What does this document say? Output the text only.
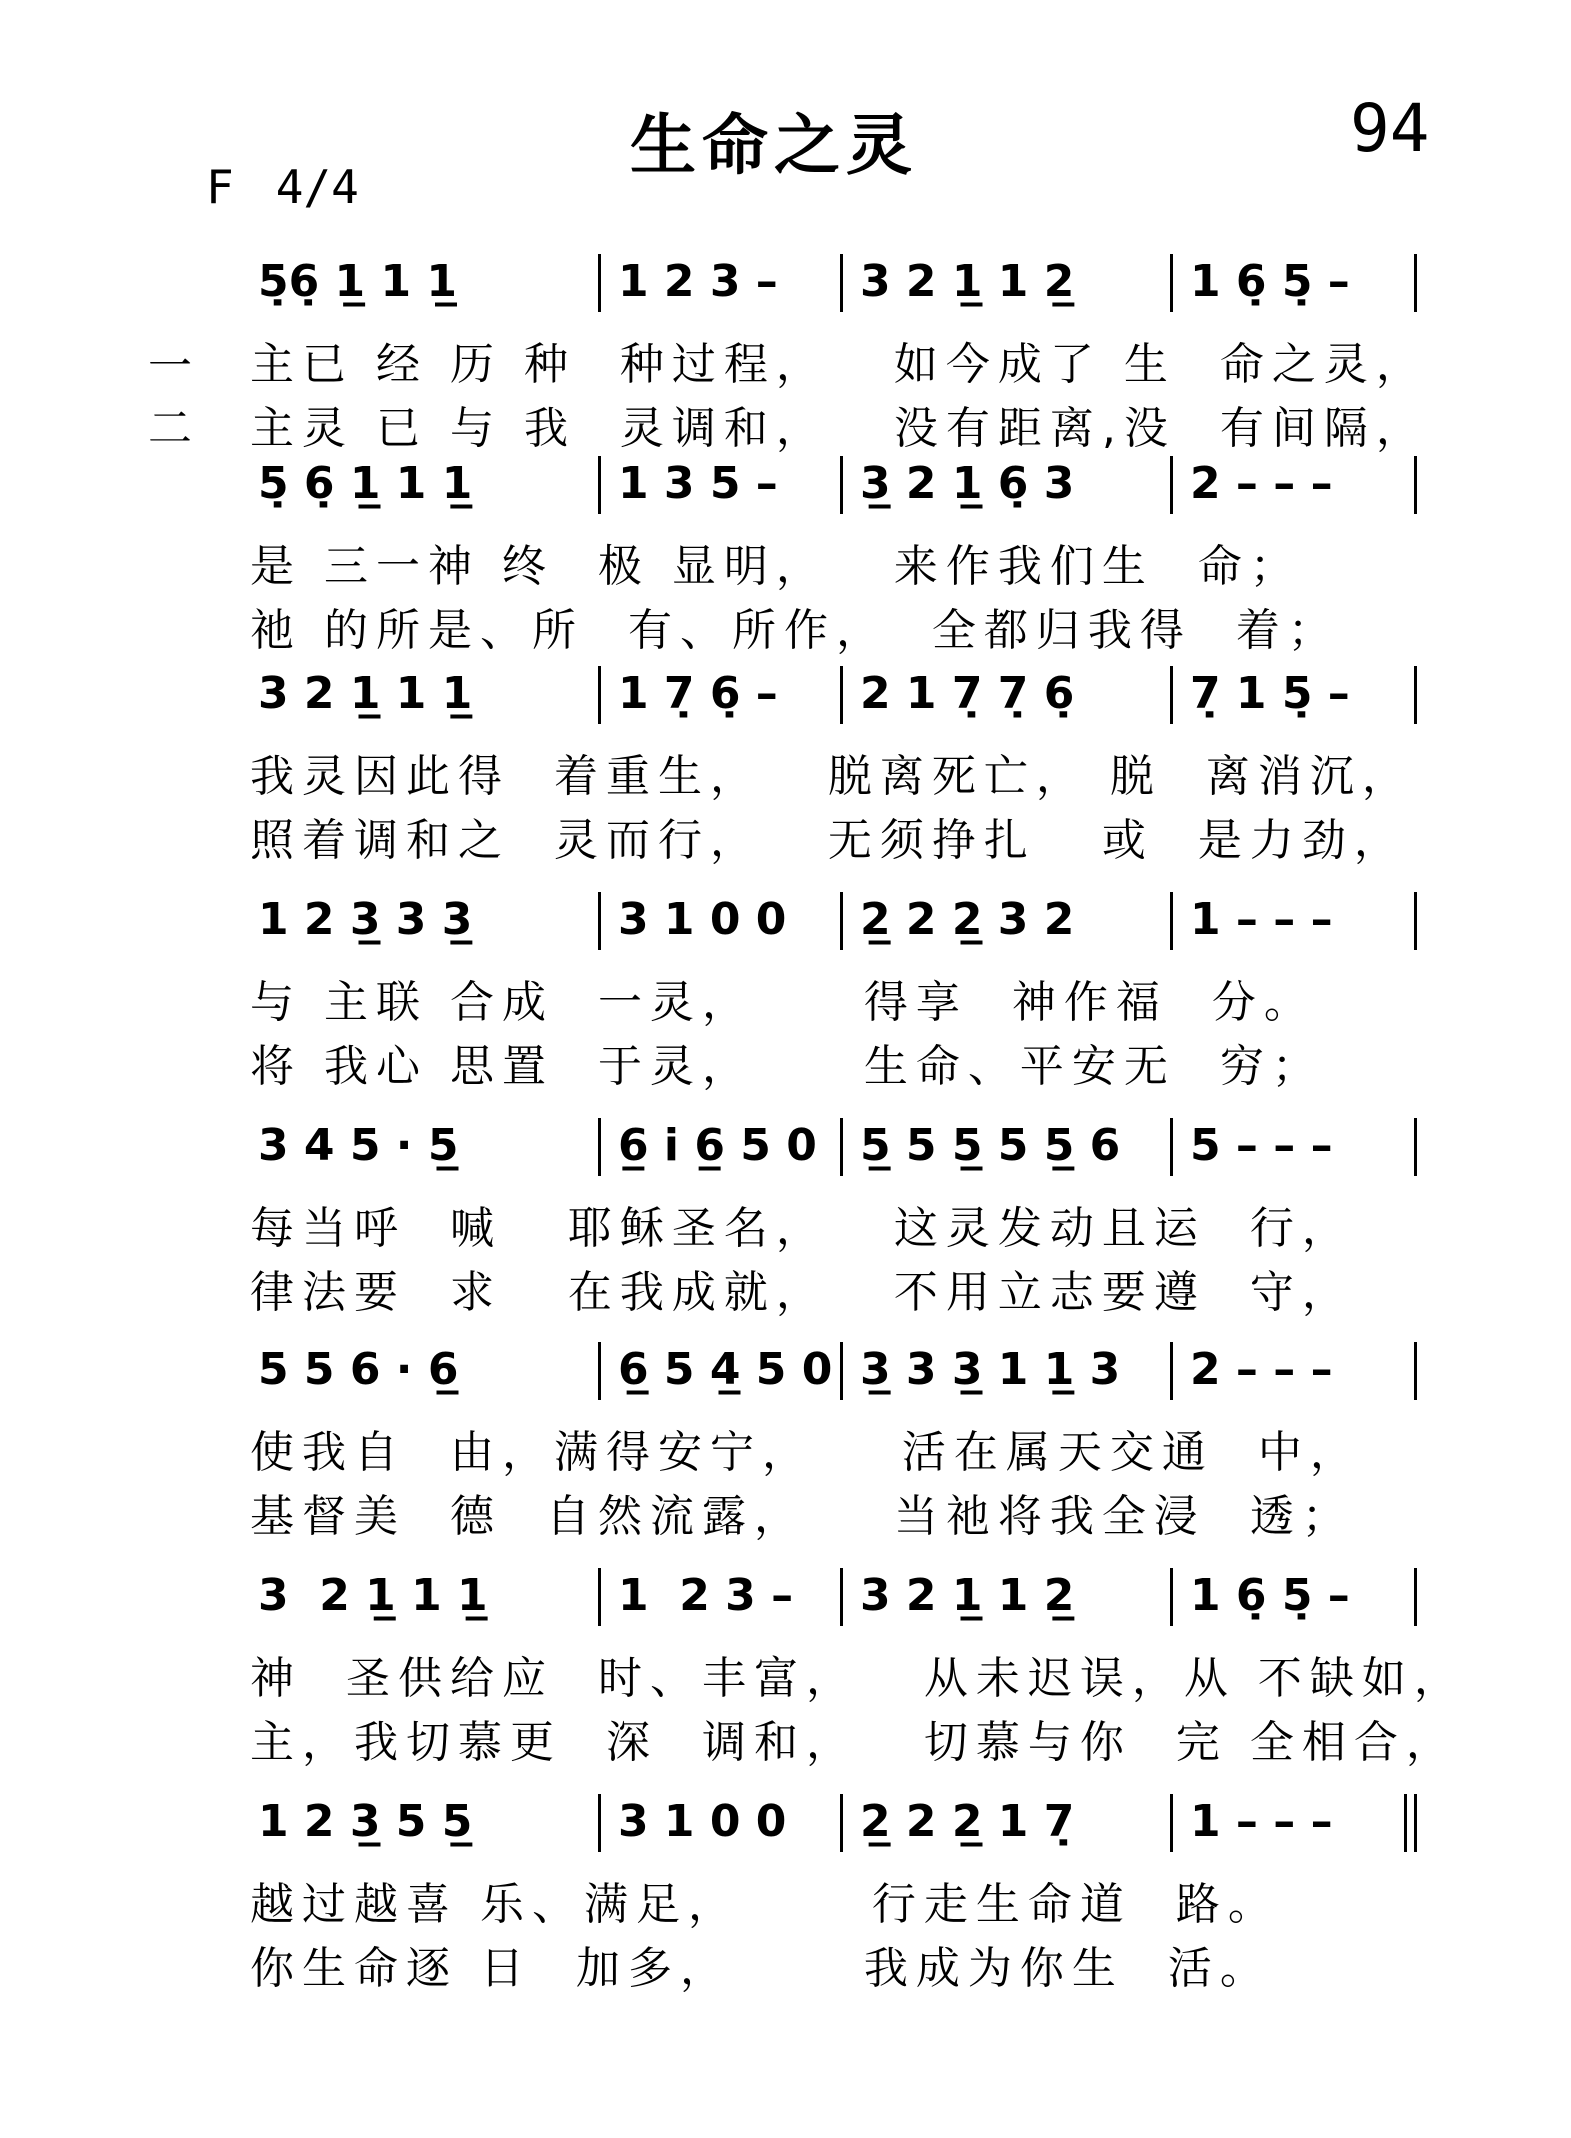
生命之灵	94
F 4/4
一
二
5̣6̣ 1̲ 1 1̲	1 2 3 – 3 2 1̲ 1 2̲	1 6̣ 5̣ –
主已 经 历 种  种过程，   如今成了 生  命之灵，
主灵 已 与 我  灵调和，   没有距离,没  有间隔，
5̣ 6̣ 1̲ 1 1̲	1 3 5 – 3̲ 2 1̲ 6̣ 3	2 – – –
是 三一神 终  极 显明，   来作我们生  命；
祂 的所是、所  有、所作，  全都归我得  着；
3 2 1̲ 1 1̲	1 7̣ 6̣ – 2 1 7̣ 7̣ 6̣	7̣ 1 5̣ –
我灵因此得  着重生，   脱离死亡， 脱  离消沉，
照着调和之  灵而行，   无须挣扎   或  是力劲，
1 2 3̲ 3 3̲	3 1 0 0 2̲ 2 2̲ 3 2	1 – – –
与 主联 合成  一灵，     得享  神作福  分。
将 我心 思置  于灵，     生命、平安无  穷；
3 4 5 · 5̲	6̲ i 6̲ 5 0 5̲ 5 5̲ 5 5̲ 6 5 – – –
每当呼  喊   耶稣圣名，   这灵发动且运  行，
律法要  求   在我成就，   不用立志要遵  守，
5 5 6 · 6̲	6̲ 5 4̲ 5 0 3̲ 3 3̲ 1 1̲ 3 2 – – –
使我自  由，满得安宁，    活在属天交通  中，
基督美  德  自然流露，    当祂将我全浸  透；
3  2 1̲ 1 1̲	1  2 3 – 3 2 1̲ 1 2̲	1 6̣ 5̣ –
神  圣供给应  时、丰富，   从未迟误，从 不缺如，
主，我切慕更  深  调和，   切慕与你  完 全相合，
1 2 3̲ 5 5̲	3 1 0 0 2̲ 2 2̲ 1 7̣	1 – – –
越过越喜 乐、满足，      行走生命道  路。
你生命逐 日  加多，      我成为你生  活。
